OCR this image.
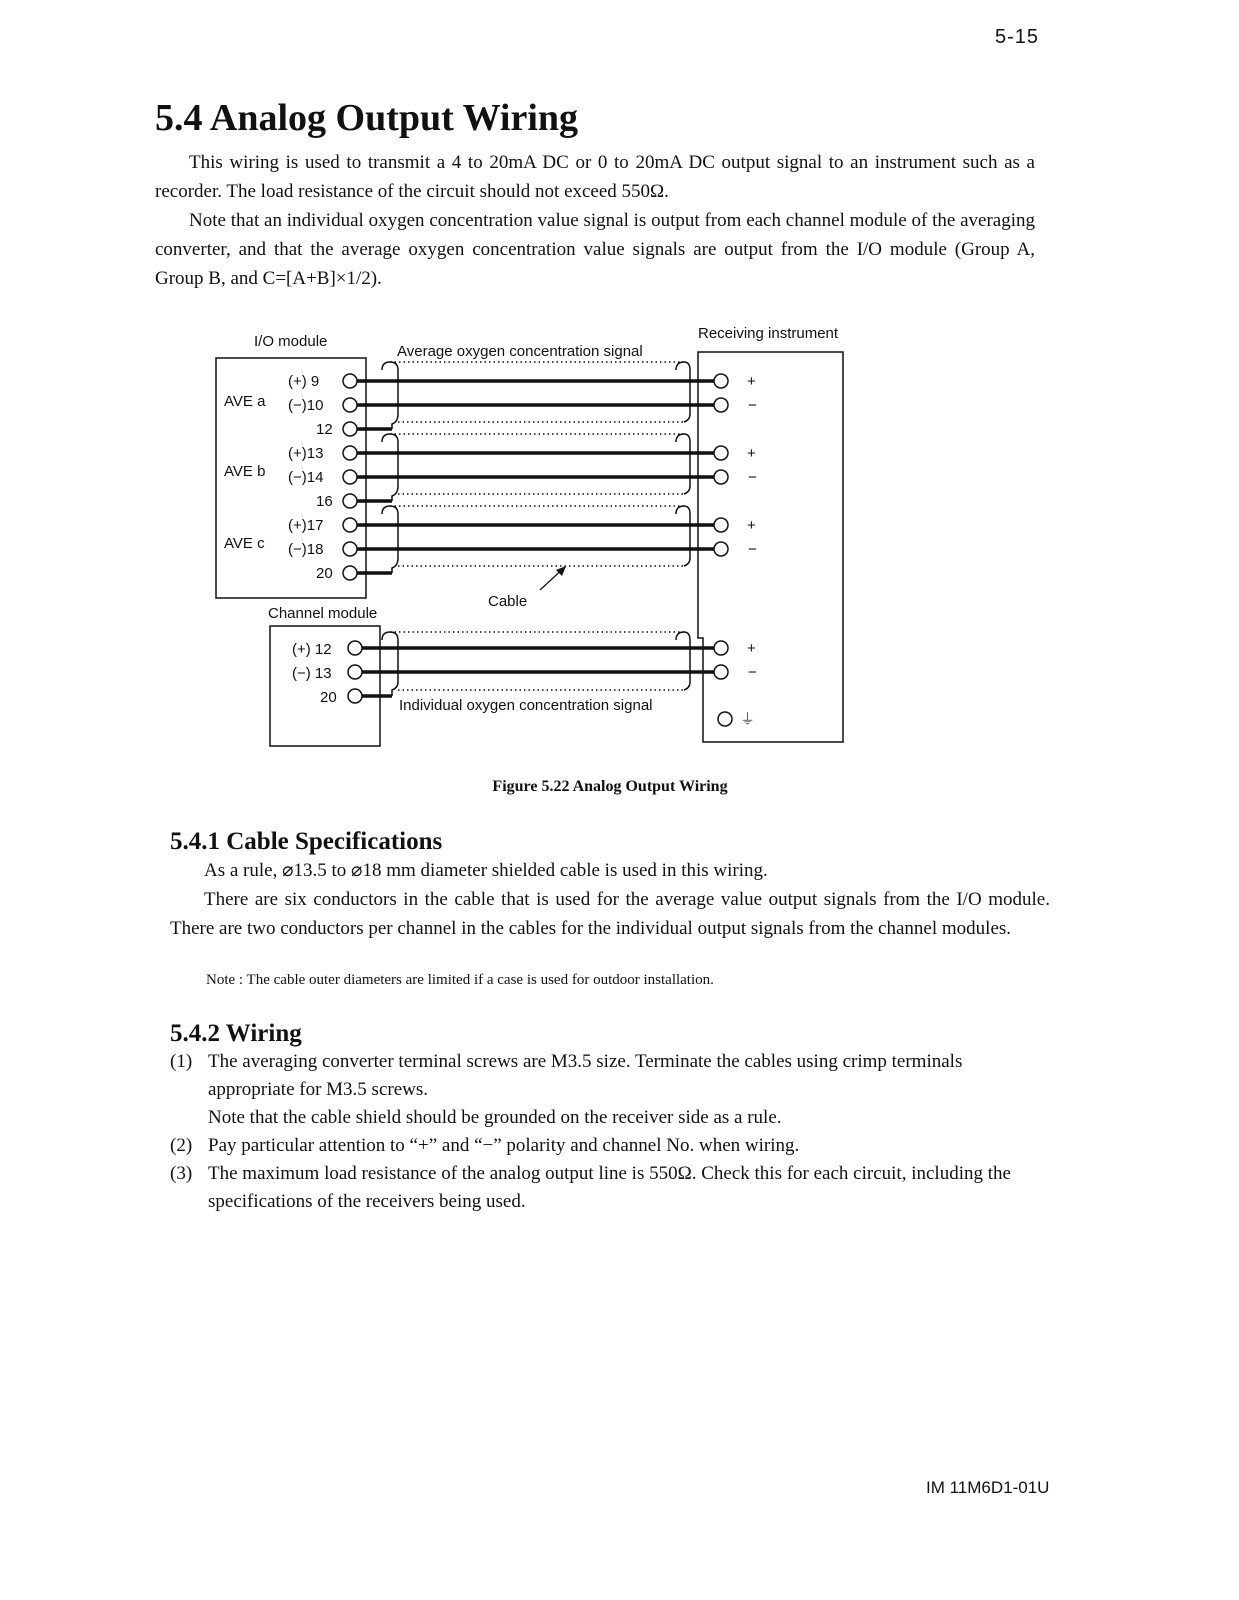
5-15
5.4 Analog Output Wiring

This wiring is used to transmit a 4 to 20mA DC or 0 to 20mA DC output signal to an instrument such as a recorder. The load resistance of the circuit should not exceed 550Ω.

Note that an individual oxygen concentration value signal is output from each channel module of the averaging converter, and that the average oxygen concentration value signals are output from the I/O module (Group A, Group B, and C=[A+B]×1/2).

I/O module	Receiving instrument
Average oxygen concentration signal
AVE a
AVE b
AVE c
(+) 9
(−)10
12
(+)13
(−)14
16
(+)17
(−)18
20
+
−
+
−
+
−
+
−
⏚
Cable
Channel module
(+) 12
(−) 13
20	Individual oxygen concentration signal
Figure 5.22 Analog Output Wiring
5.4.1 Cable Specifications

As a rule, ⌀13.5 to ⌀18 mm diameter shielded cable is used in this wiring.
There are six conductors in the cable that is used for the average value output signals from the I/O module. There are two conductors per channel in the cables for the individual output signals from the channel modules.

Note : The cable outer diameters are limited if a case is used for outdoor installation.
5.4.2 Wiring
(1) The averaging converter terminal screws are M3.5 size. Terminate the cables using crimp terminals appropriate for M3.5 screws.
Note that the cable shield should be grounded on the receiver side as a rule.
(2) Pay particular attention to “+” and “−” polarity and channel No. when wiring.
(3) The maximum load resistance of the analog output line is 550Ω. Check this for each circuit, including the specifications of the receivers being used.
IM 11M6D1-01U
